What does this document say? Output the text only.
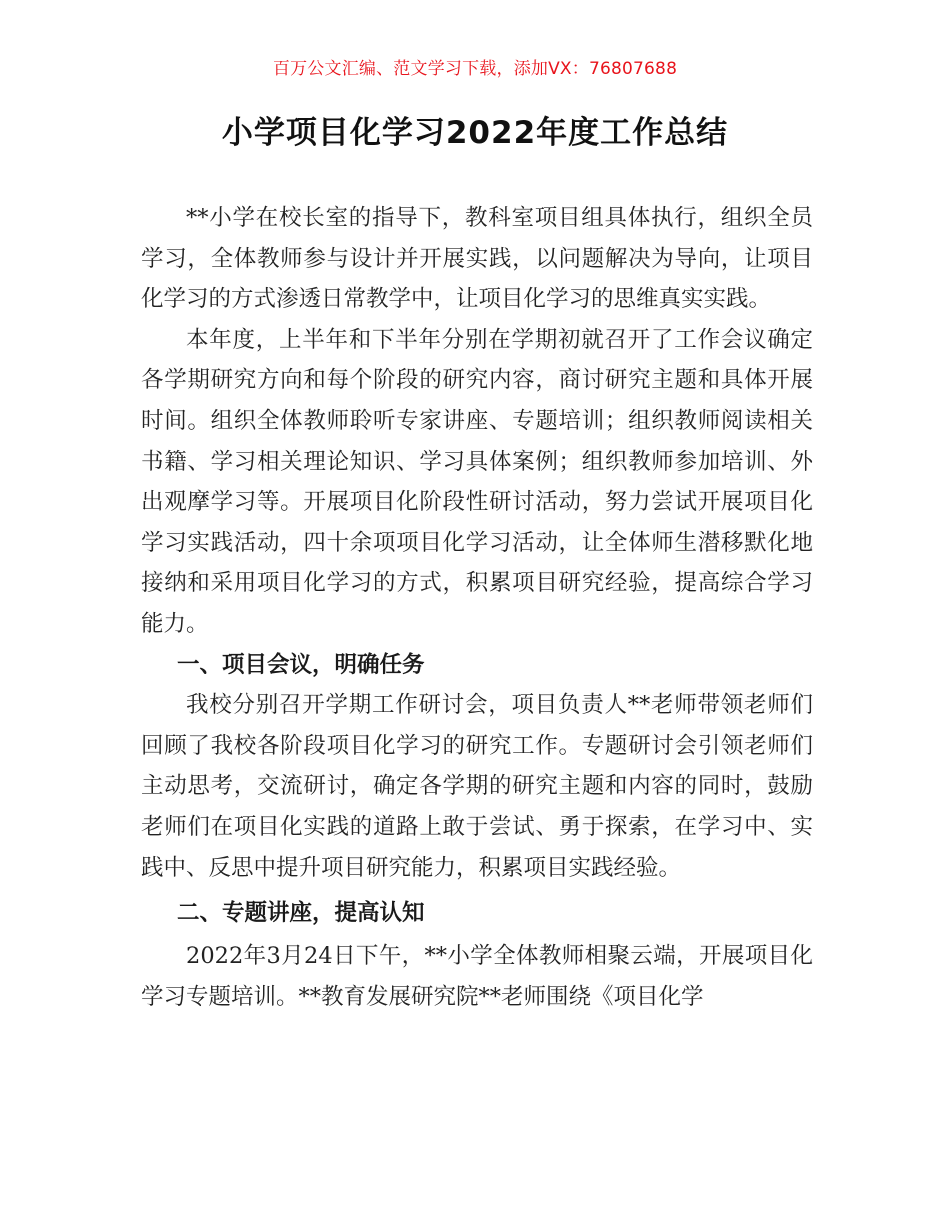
百万公文汇编、范文学习下载，添加VX：76807688
小学项目化学习2022年度工作总结

**小学在校长室的指导下，教科室项目组具体执行，组织全员学习，全体教师参与设计并开展实践，以问题解决为导向，让项目化学习的方式渗透日常教学中，让项目化学习的思维真实实践。

本年度，上半年和下半年分别在学期初就召开了工作会议确定各学期研究方向和每个阶段的研究内容，商讨研究主题和具体开展时间。组织全体教师聆听专家讲座、专题培训；组织教师阅读相关书籍、学习相关理论知识、学习具体案例；组织教师参加培训、外出观摩学习等。开展项目化阶段性研讨活动，努力尝试开展项目化学习实践活动，四十余项项目化学习活动，让全体师生潜移默化地接纳和采用项目化学习的方式，积累项目研究经验，提高综合学习能力。

一、项目会议，明确任务

我校分别召开学期工作研讨会，项目负责人**老师带领老师们回顾了我校各阶段项目化学习的研究工作。专题研讨会引领老师们主动思考，交流研讨，确定各学期的研究主题和内容的同时，鼓励老师们在项目化实践的道路上敢于尝试、勇于探索，在学习中、实践中、反思中提升项目研究能力，积累项目实践经验。

二、专题讲座，提高认知

2022年3月24日下午，**小学全体教师相聚云端，开展项目化学习专题培训。**教育发展研究院**老师围绕《项目化学
